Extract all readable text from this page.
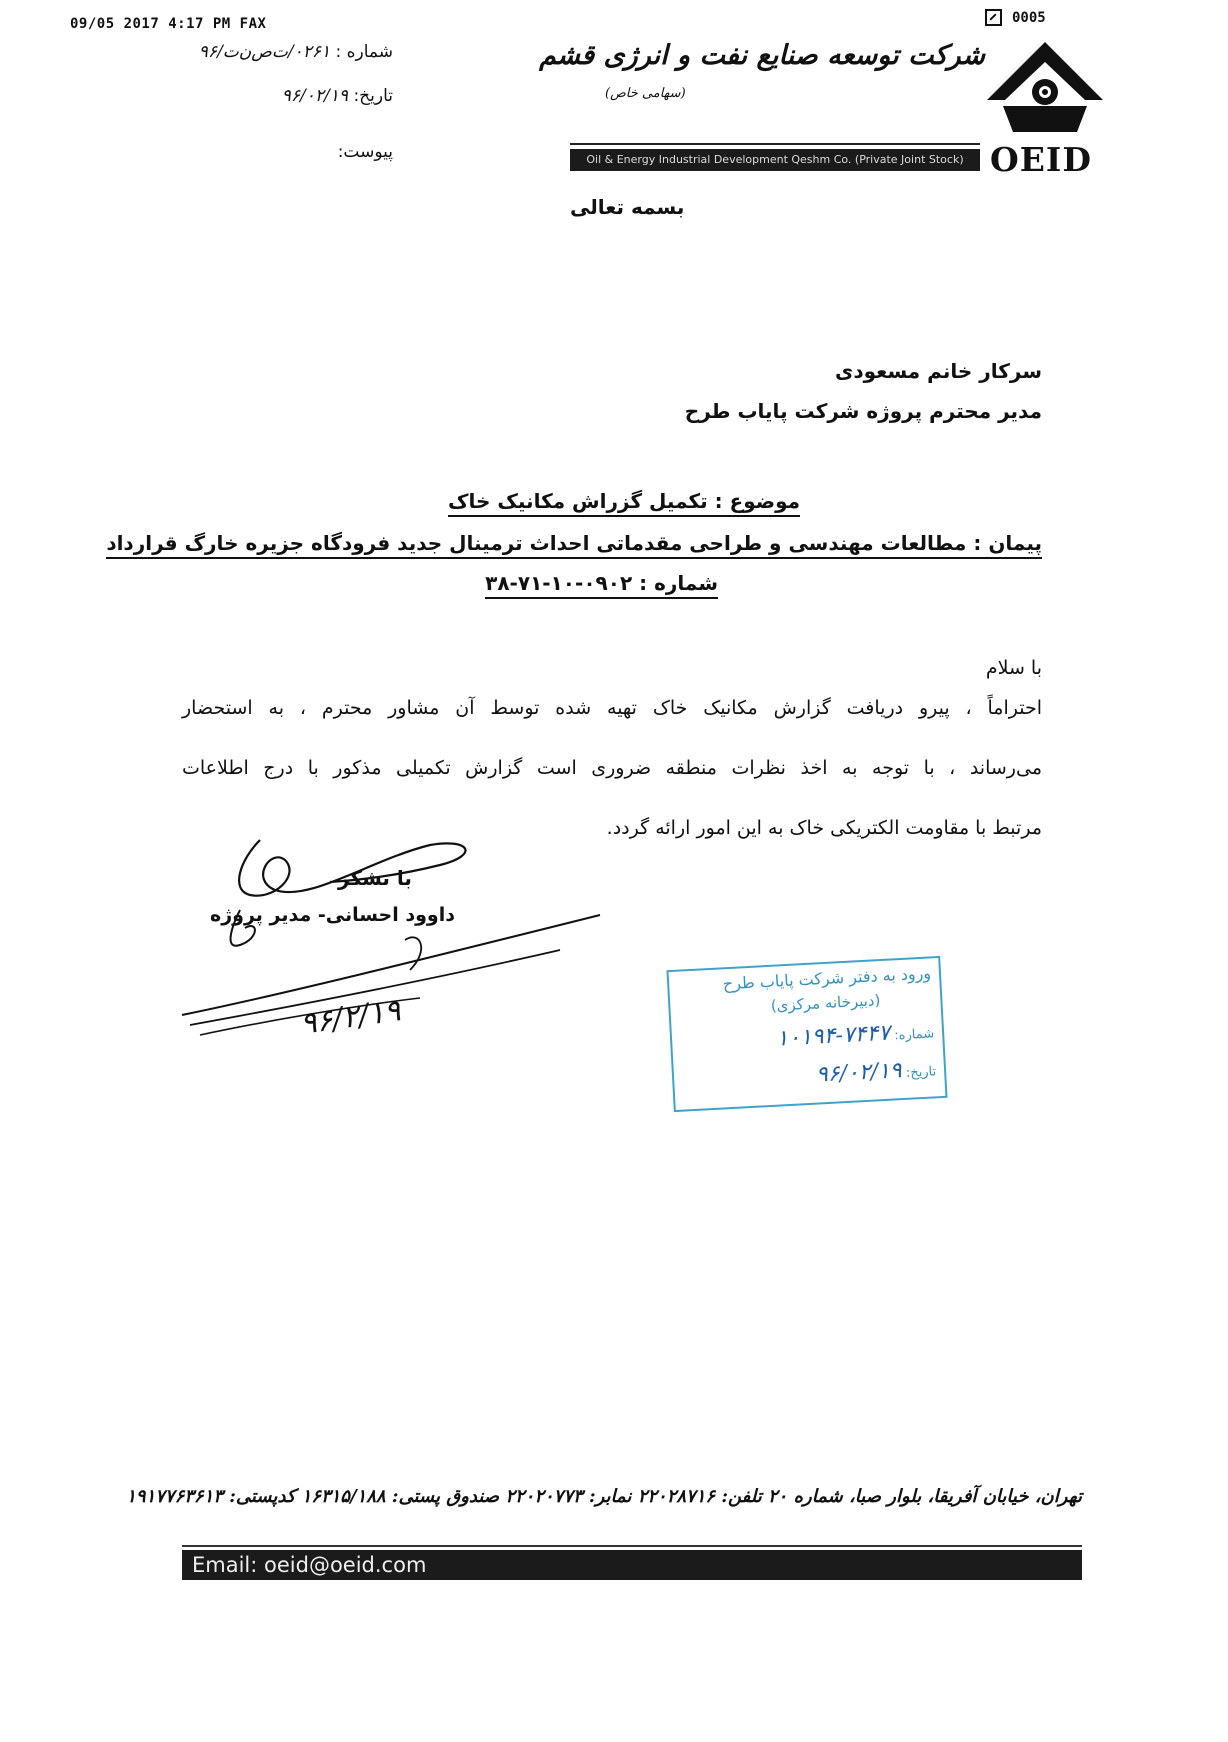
09/05 2017 4:17 PM FAX	0005
شماره : ۰۲۶۱/ت‌ص‌ن‌ت/۹۶
تاریخ: ۹۶/۰۲/۱۹
پیوست:
شرکت توسعه صنایع نفت و انرژی قشم
(سهامی خاص)
Oil & Energy Industrial Development Qeshm Co. (Private Joint Stock) OEID
بسمه تعالی
سرکار خانم مسعودی
مدیر محترم پروژه شرکت پایاب طرح
موضوع : تکمیل گزراش مکانیک خاک
پیمان : مطالعات مهندسی و طراحی مقدماتی احداث ترمینال جدید فرودگاه جزیره خارگ قرارداد
شماره : ۰۹۰۲-۱۰-۷۱-۳۸
با سلام
احتراماً ، پیرو دریافت گزارش مکانیک خاک تهیه شده توسط آن مشاور محترم ، به استحضار
می‌رساند ، با توجه به اخذ نظرات منطقه ضروری است گزارش تکمیلی مذکور با درج اطلاعات
مرتبط با مقاومت الکتریکی خاک به این امور ارائه گردد.
با تشکر
داوود احسانی- مدیر پروژه
۹۶/۲/۱۹
ورود به دفتر شرکت پایاب طرح
(دبیرخانه مرکزی)
شماره: ۷۴۴۷-۱۰۱۹۴
تاریخ: ۹۶/۰۲/۱۹
تهران، خیابان آفریقا، بلوار صبا، شماره ۲۰ تلفن: ۲۲۰۲۸۷۱۶ نمابر: ۲۲۰۲۰۷۷۳ صندوق پستی: ۱۶۳۱۵/۱۸۸ کدپستی: ۱۹۱۷۷۶۳۶۱۳
Email: oeid@oeid.com
